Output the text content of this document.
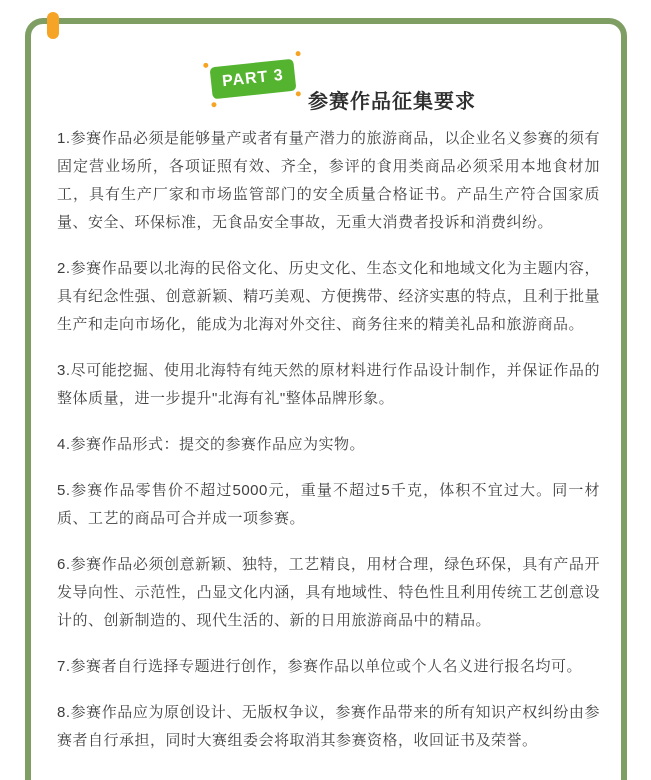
PART 3
参赛作品征集要求

1.参赛作品必须是能够量产或者有量产潜力的旅游商品，以企业名义参赛的须有固定营业场所，各项证照有效、齐全，参评的食用类商品必须采用本地食材加工，具有生产厂家和市场监管部门的安全质量合格证书。产品生产符合国家质量、安全、环保标准，无食品安全事故，无重大消费者投诉和消费纠纷。

2.参赛作品要以北海的民俗文化、历史文化、生态文化和地域文化为主题内容，具有纪念性强、创意新颖、精巧美观、方便携带、经济实惠的特点，且利于批量生产和走向市场化，能成为北海对外交往、商务往来的精美礼品和旅游商品。

3.尽可能挖掘、使用北海特有纯天然的原材料进行作品设计制作，并保证作品的整体质量，进一步提升"北海有礼"整体品牌形象。

4.参赛作品形式：提交的参赛作品应为实物。

5.参赛作品零售价不超过5000元，重量不超过5千克，体积不宜过大。同一材质、工艺的商品可合并成一项参赛。

6.参赛作品必须创意新颖、独特，工艺精良，用材合理，绿色环保，具有产品开发导向性、示范性，凸显文化内涵，具有地域性、特色性且利用传统工艺创意设计的、创新制造的、现代生活的、新的日用旅游商品中的精品。

7.参赛者自行选择专题进行创作，参赛作品以单位或个人名义进行报名均可。

8.参赛作品应为原创设计、无版权争议，参赛作品带来的所有知识产权纠纷由参赛者自行承担，同时大赛组委会将取消其参赛资格，收回证书及荣誉。
